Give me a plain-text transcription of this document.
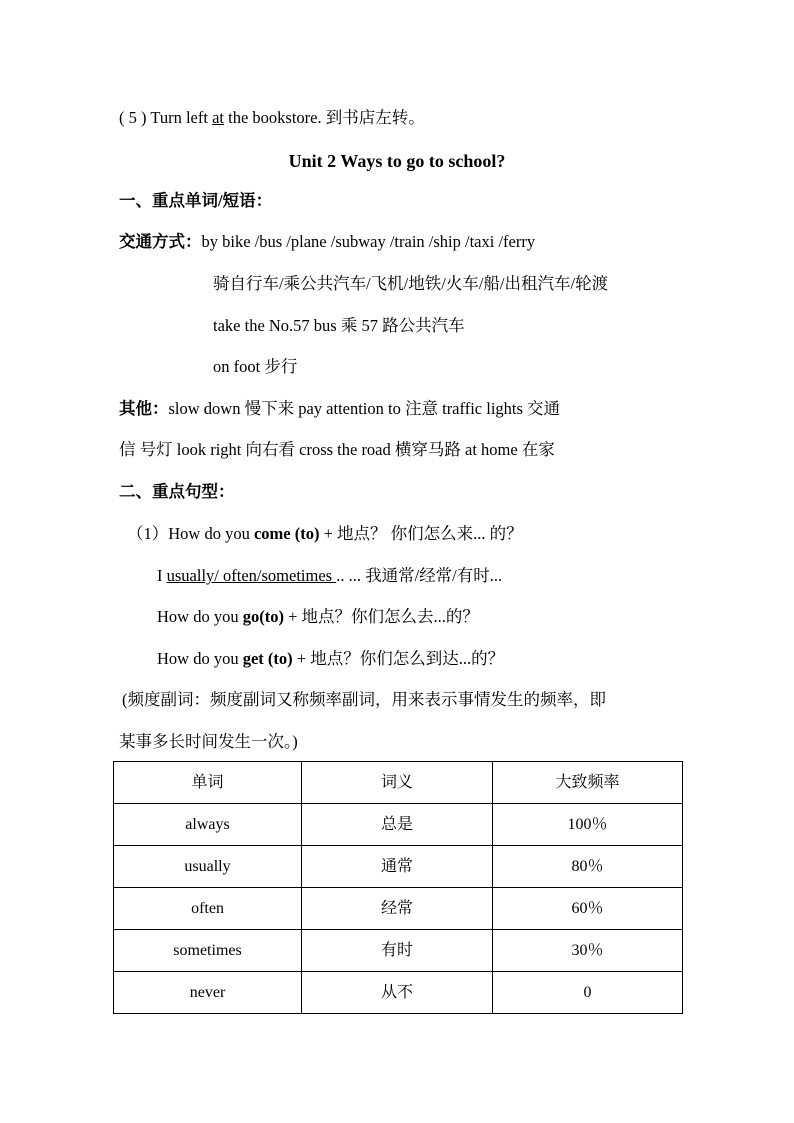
( 5 ) Turn left at the bookstore. 到书店左转。
Unit 2 Ways to go to school?
一、重点单词/短语：
交通方式：by bike /bus /plane /subway /train /ship /taxi /ferry
骑自行车/乘公共汽车/飞机/地铁/火车/船/出租汽车/轮渡
take the No.57 bus 乘 57 路公共汽车
on foot 步行
其他：slow down 慢下来 pay attention to 注意 traffic lights 交通
信 号灯 look right 向右看 cross the road 横穿马路 at home 在家
二、重点句型：
（1）How do you come (to) + 地点？ 你们怎么来... 的？
I usually/ often/sometimes .. ... 我通常/经常/有时...
How do you go(to) + 地点？你们怎么去...的？
How do you get (to) + 地点？你们怎么到达...的？
(频度副词：频度副词又称频率副词，用来表示事情发生的频率，即
某事多长时间发生一次。)
单词	词义	大致频率
always	总是	100％
usually	通常	80％
often	经常	60％
sometimes	有时	30％
never	从不	0
